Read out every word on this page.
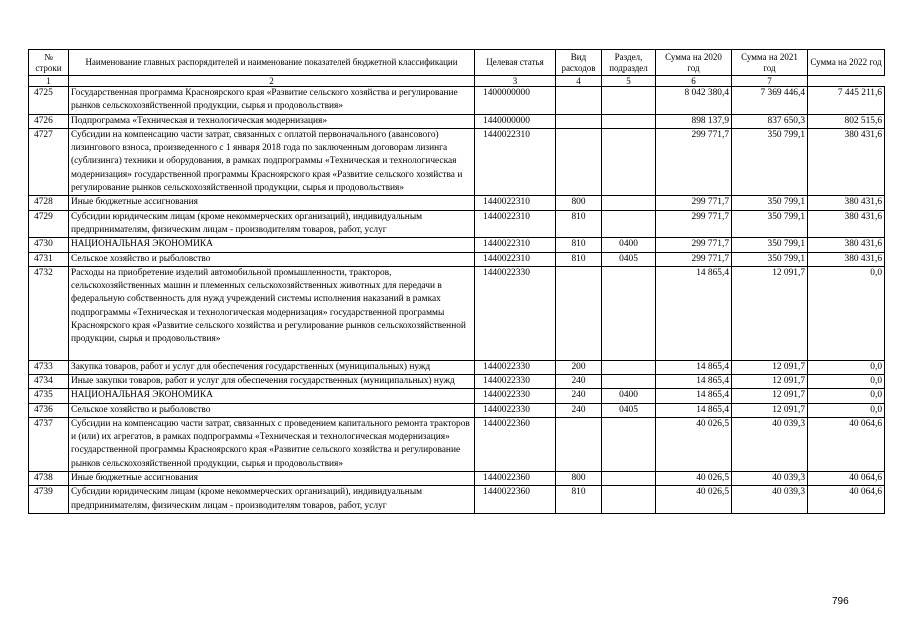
№ строки	Наименование главных распорядителей и наименование показателей бюджетной классификации	Целевая статья	Вид расходов	Раздел, подраздел	Сумма на 2020 год	Сумма на 2021 год	Сумма на 2022 год
1	2	3	4	5	6	7	
4725	Государственная программа Красноярского края «Развитие сельского хозяйства и регулирование рынков сельскохозяйственной продукции, сырья и продовольствия»	1400000000			8 042 380,4	7 369 446,4	7 445 211,6
4726	Подпрограмма «Техническая и технологическая модернизация»	1440000000			898 137,9	837 650,3	802 515,6
4727	Субсидии на компенсацию части затрат, связанных с оплатой первоначального (авансового) лизингового взноса, произведенного с 1 января 2018 года по заключенным договорам лизинга (сублизинга) техники и оборудования, в рамках подпрограммы «Техническая и технологическая модернизация» государственной программы Красноярского края «Развитие сельского хозяйства и регулирование рынков сельскохозяйственной продукции, сырья и продовольствия»	1440022310			299 771,7	350 799,1	380 431,6
4728	Иные бюджетные ассигнования	1440022310	800		299 771,7	350 799,1	380 431,6
4729	Субсидии юридическим лицам (кроме некоммерческих организаций), индивидуальным предпринимателям, физическим лицам - производителям товаров, работ, услуг	1440022310	810		299 771,7	350 799,1	380 431,6
4730	НАЦИОНАЛЬНАЯ ЭКОНОМИКА	1440022310	810	0400	299 771,7	350 799,1	380 431,6
4731	Сельское хозяйство и рыболовство	1440022310	810	0405	299 771,7	350 799,1	380 431,6
4732	Расходы на приобретение изделий автомобильной промышленности, тракторов, сельскохозяйственных машин и племенных сельскохозяйственных животных для передачи в федеральную собственность для нужд учреждений системы исполнения наказаний в рамках подпрограммы «Техническая и технологическая модернизация» государственной программы Красноярского края «Развитие сельского хозяйства и регулирование рынков сельскохозяйственной продукции, сырья и продовольствия»	1440022330			14 865,4	12 091,7	0,0
4733	Закупка товаров, работ и услуг для обеспечения государственных (муниципальных) нужд	1440022330	200		14 865,4	12 091,7	0,0
4734	Иные закупки товаров, работ и услуг для обеспечения государственных (муниципальных) нужд	1440022330	240		14 865,4	12 091,7	0,0
4735	НАЦИОНАЛЬНАЯ ЭКОНОМИКА	1440022330	240	0400	14 865,4	12 091,7	0,0
4736	Сельское хозяйство и рыболовство	1440022330	240	0405	14 865,4	12 091,7	0,0
4737	Субсидии на компенсацию части затрат, связанных с проведением капитального ремонта тракторов и (или) их агрегатов, в рамках подпрограммы «Техническая и технологическая модернизация» государственной программы Красноярского края «Развитие сельского хозяйства и регулирование рынков сельскохозяйственной продукции, сырья и продовольствия»	1440022360			40 026,5	40 039,3	40 064,6
4738	Иные бюджетные ассигнования	1440022360	800		40 026,5	40 039,3	40 064,6
4739	Субсидии юридическим лицам (кроме некоммерческих организаций), индивидуальным предпринимателям, физическим лицам - производителям товаров, работ, услуг	1440022360	810		40 026,5	40 039,3	40 064,6
796
